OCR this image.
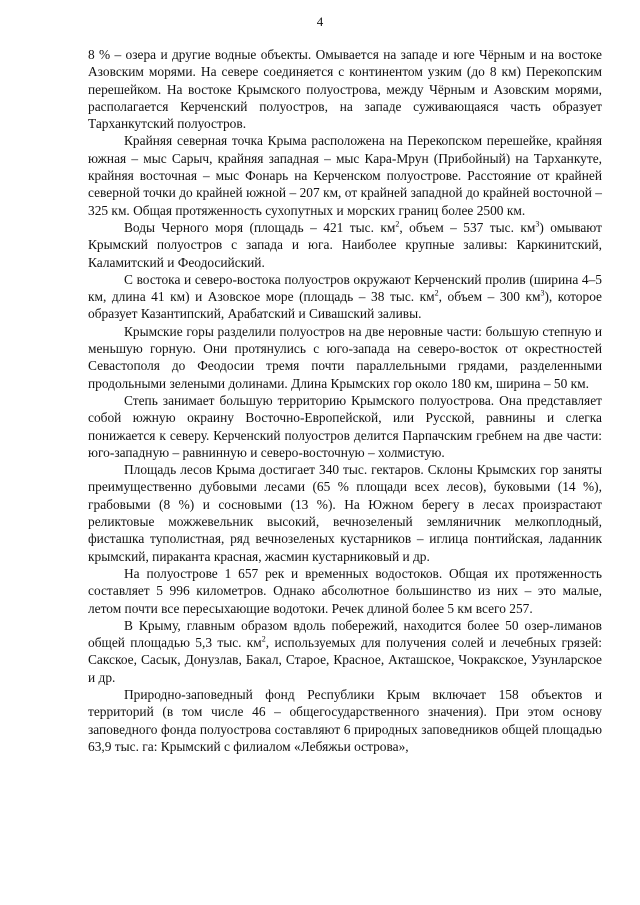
4

8 % – озера и другие водные объекты. Омывается на западе и юге Чёрным и на востоке Азовским морями. На севере соединяется с континентом узким (до 8 км) Перекопским перешейком. На востоке Крымского полуострова, между Чёрным и Азовским морями, располагается Керченский полуостров, на западе суживающаяся часть образует Тарханкутский полуостров.

Крайняя северная точка Крыма расположена на Перекопском перешейке, крайняя южная – мыс Сарыч, крайняя западная – мыс Кара-Мрун (Прибойный) на Тарханкуте, крайняя восточная – мыс Фонарь на Керченском полуострове. Расстояние от крайней северной точки до крайней южной – 207 км, от крайней западной до крайней восточной – 325 км. Общая протяженность сухопутных и морских границ более 2500 км.

Воды Черного моря (площадь – 421 тыс. $км^2$, объем – 537 тыс. $км^3$) омывают Крымский полуостров с запада и юга. Наиболее крупные заливы: Каркинитский, Каламитский и Феодосийский.

С востока и северо-востока полуостров окружают Керченский пролив (ширина 4–5 км, длина 41 км) и Азовское море (площадь – 38 тыс. $км^2$, объем – 300 $км^3$), которое образует Казантипский, Арабатский и Сивашский заливы.

Крымские горы разделили полуостров на две неровные части: большую степную и меньшую горную. Они протянулись с юго-запада на северо-восток от окрестностей Севастополя до Феодосии тремя почти параллельными грядами, разделенными продольными зелеными долинами. Длина Крымских гор около 180 км, ширина – 50 км.

Степь занимает большую территорию Крымского полуострова. Она представляет собой южную окраину Восточно-Европейской, или Русской, равнины и слегка понижается к северу. Керченский полуостров делится Парпачским гребнем на две части: юго-западную – равнинную и северо-восточную – холмистую.

Площадь лесов Крыма достигает 340 тыс. гектаров. Склоны Крымских гор заняты преимущественно дубовыми лесами (65 % площади всех лесов), буковыми (14 %), грабовыми (8 %) и сосновыми (13 %). На Южном берегу в лесах произрастают реликтовые можжевельник высокий, вечнозеленый земляничник мелкоплодный, фисташка туполистная, ряд вечнозеленых кустарников – иглица понтийская, ладанник крымский, пираканта красная, жасмин кустарниковый и др.

На полуострове 1 657 рек и временных водостоков. Общая их протяженность составляет 5 996 километров. Однако абсолютное большинство из них – это малые, летом почти все пересыхающие водотоки. Речек длиной более 5 км всего 257.

В Крыму, главным образом вдоль побережий, находится более 50 озер-лиманов общей площадью 5,3 тыс. $км^2$, используемых для получения солей и лечебных грязей: Сакское, Сасык, Донузлав, Бакал, Старое, Красное, Акташское, Чокракское, Узунларское и др.

Природно-заповедный фонд Республики Крым включает 158 объектов и территорий (в том числе 46 – общегосударственного значения). При этом основу заповедного фонда полуострова составляют 6 природных заповедников общей площадью 63,9 тыс. га: Крымский с филиалом «Лебяжьи острова»,
